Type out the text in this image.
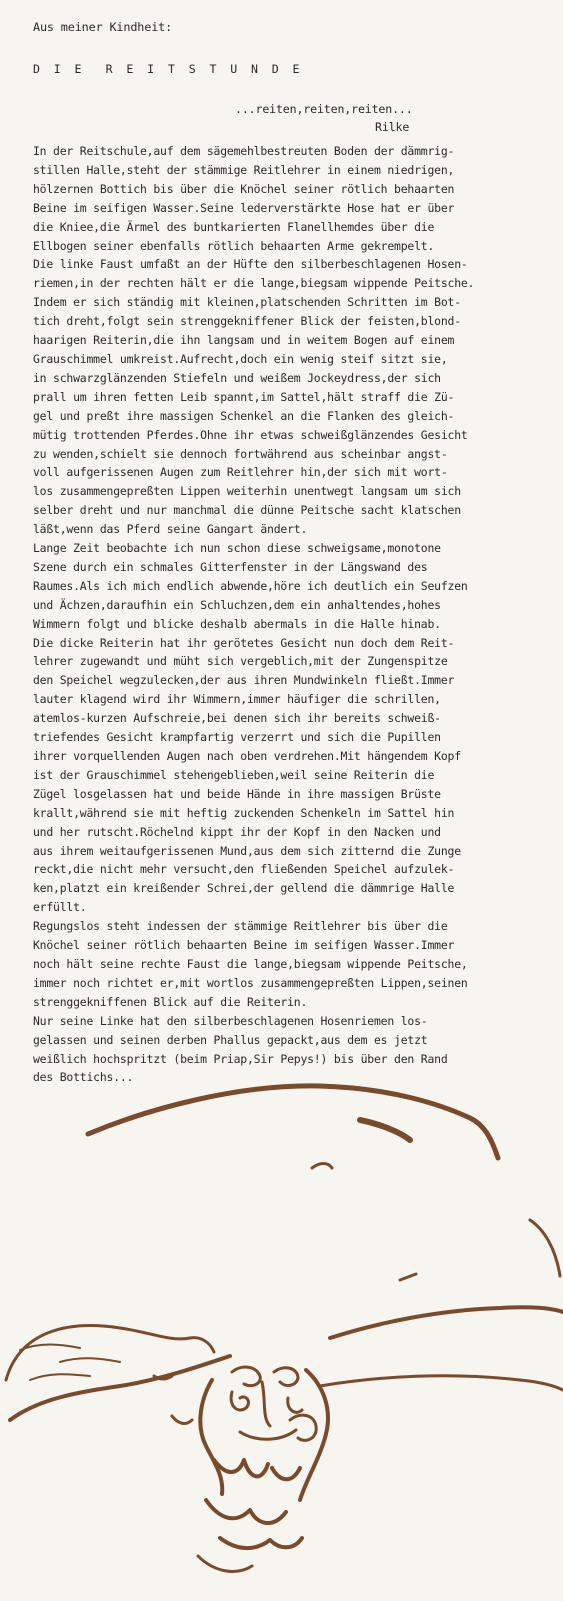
Aus meiner Kindheit:

D I E  R E I T S T U N D E

...reiten,reiten,reiten...

Rilke

In der Reitschule,auf dem sägemehlbestreuten Boden der dämmrig-
stillen Halle,steht der stämmige Reitlehrer in einem niedrigen,
hölzernen Bottich bis über die Knöchel seiner rötlich behaarten
Beine im seifigen Wasser.Seine lederverstärkte Hose hat er über
die Kniee,die Ärmel des buntkarierten Flanellhemdes über die
Ellbogen seiner ebenfalls rötlich behaarten Arme gekrempelt.
Die linke Faust umfaßt an der Hüfte den silberbeschlagenen Hosen-
riemen,in der rechten hält er die lange,biegsam wippende Peitsche.
Indem er sich ständig mit kleinen,platschenden Schritten im Bot-
tich dreht,folgt sein strenggekniffener Blick der feisten,blond-
haarigen Reiterin,die ihn langsam und in weitem Bogen auf einem
Grauschimmel umkreist.Aufrecht,doch ein wenig steif sitzt sie,
in schwarzglänzenden Stiefeln und weißem Jockeydress,der sich
prall um ihren fetten Leib spannt,im Sattel,hält straff die Zü-
gel und preßt ihre massigen Schenkel an die Flanken des gleich-
mütig trottenden Pferdes.Ohne ihr etwas schweißglänzendes Gesicht
zu wenden,schielt sie dennoch fortwährend aus scheinbar angst-
voll aufgerissenen Augen zum Reitlehrer hin,der sich mit wort-
los zusammengepreßten Lippen weiterhin unentwegt langsam um sich
selber dreht und nur manchmal die dünne Peitsche sacht klatschen
läßt,wenn das Pferd seine Gangart ändert.
Lange Zeit beobachte ich nun schon diese schweigsame,monotone
Szene durch ein schmales Gitterfenster in der Längswand des
Raumes.Als ich mich endlich abwende,höre ich deutlich ein Seufzen
und Ächzen,daraufhin ein Schluchzen,dem ein anhaltendes,hohes
Wimmern folgt und blicke deshalb abermals in die Halle hinab.
Die dicke Reiterin hat ihr gerötetes Gesicht nun doch dem Reit-
lehrer zugewandt und müht sich vergeblich,mit der Zungenspitze
den Speichel wegzulecken,der aus ihren Mundwinkeln fließt.Immer
lauter klagend wird ihr Wimmern,immer häufiger die schrillen,
atemlos-kurzen Aufschreie,bei denen sich ihr bereits schweiß-
triefendes Gesicht krampfartig verzerrt und sich die Pupillen
ihrer vorquellenden Augen nach oben verdrehen.Mit hängendem Kopf
ist der Grauschimmel stehengeblieben,weil seine Reiterin die
Zügel losgelassen hat und beide Hände in ihre massigen Brüste
krallt,während sie mit heftig zuckenden Schenkeln im Sattel hin
und her rutscht.Röchelnd kippt ihr der Kopf in den Nacken und
aus ihrem weitaufgerissenen Mund,aus dem sich zitternd die Zunge
reckt,die nicht mehr versucht,den fließenden Speichel aufzulek-
ken,platzt ein kreißender Schrei,der gellend die dämmrige Halle
erfüllt.
Regungslos steht indessen der stämmige Reitlehrer bis über die
Knöchel seiner rötlich behaarten Beine im seifigen Wasser.Immer
noch hält seine rechte Faust die lange,biegsam wippende Peitsche,
immer noch richtet er,mit wortlos zusammengepreßten Lippen,seinen
strenggekniffenen Blick auf die Reiterin.
Nur seine Linke hat den silberbeschlagenen Hosenriemen los-
gelassen und seinen derben Phallus gepackt,aus dem es jetzt
weißlich hochspritzt (beim Priap,Sir Pepys!) bis über den Rand
des Bottichs...
